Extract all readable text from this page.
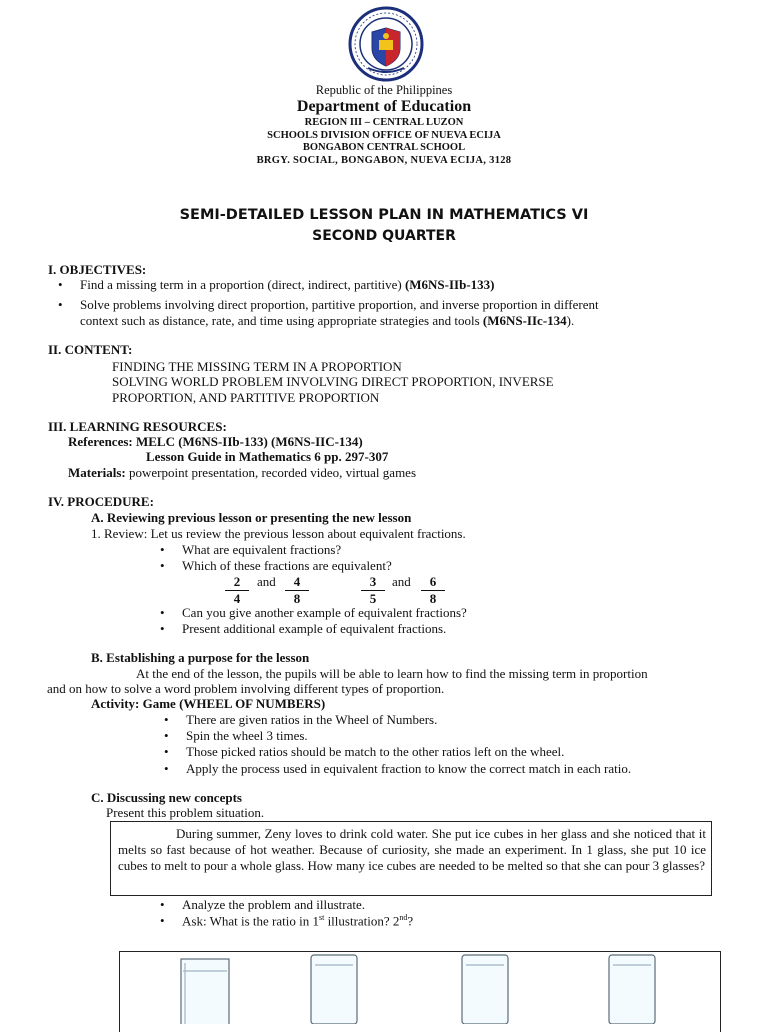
Republic of the Philippines
Department of Education
REGION III – CENTRAL LUZON
SCHOOLS DIVISION OFFICE OF NUEVA ECIJA
BONGABON CENTRAL SCHOOL
BRGY. SOCIAL, BONGABON, NUEVA ECIJA, 3128
SEMI-DETAILED LESSON PLAN IN MATHEMATICS VI
SECOND QUARTER
I. OBJECTIVES:
• Find a missing term in a proportion (direct, indirect, partitive) (M6NS-IIb-133)
• Solve problems involving direct proportion, partitive proportion, and inverse proportion in different
context such as distance, rate, and time using appropriate strategies and tools (M6NS-IIc-134).
II. CONTENT:
FINDING THE MISSING TERM IN A PROPORTION
SOLVING WORLD PROBLEM INVOLVING DIRECT PROPORTION, INVERSE
PROPORTION, AND PARTITIVE PROPORTION
III. LEARNING RESOURCES:
References: MELC (M6NS-IIb-133) (M6NS-IIC-134)
Lesson Guide in Mathematics 6 pp. 297-307
Materials: powerpoint presentation, recorded video, virtual games
IV. PROCEDURE:
A. Reviewing previous lesson or presenting the new lesson
1. Review: Let us review the previous lesson about equivalent fractions.
• What are equivalent fractions?
• Which of these fractions are equivalent?
$\frac{2}{4}$ and $\frac{4}{8}$	$\frac{3}{5}$ and $\frac{6}{8}$
• Can you give another example of equivalent fractions?
• Present additional example of equivalent fractions.
B. Establishing a purpose for the lesson
At the end of the lesson, the pupils will be able to learn how to find the missing term in proportion
and on how to solve a word problem involving different types of proportion.
Activity: Game (WHEEL OF NUMBERS)
• There are given ratios in the Wheel of Numbers.
• Spin the wheel 3 times.
• Those picked ratios should be match to the other ratios left on the wheel.
• Apply the process used in equivalent fraction to know the correct match in each ratio.
C. Discussing new concepts
Present this problem situation.
During summer, Zeny loves to drink cold water. She put ice cubes in her glass and she noticed that it melts so fast because of hot weather. Because of curiosity, she made an experiment. In 1 glass, she put 10 ice cubes to melt to pour a whole glass. How many ice cubes are needed to be melted so that she can pour 3 glasses?
• Analyze the problem and illustrate.
• Ask: What is the ratio in 1st illustration? 2nd?
